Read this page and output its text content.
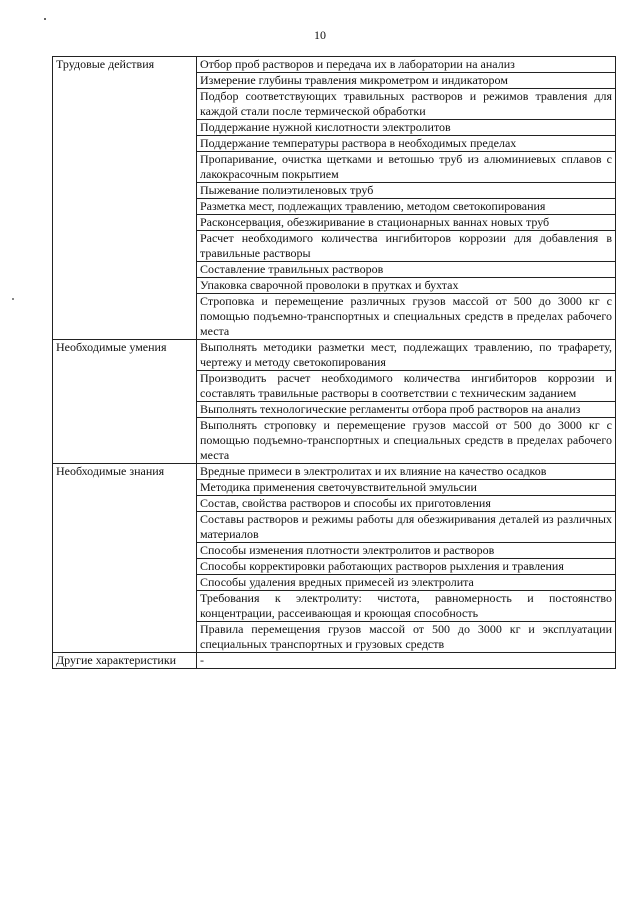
10
Трудовые действия	Отбор проб растворов и передача их в лаборатории на анализ
	Измерение глубины травления микрометром и индикатором
	Подбор соответствующих травильных растворов и режимов травления для каждой стали после термической обработки
	Поддержание нужной кислотности электролитов
	Поддержание температуры раствора в необходимых пределах
	Пропаривание, очистка щетками и ветошью труб из алюминиевых сплавов с лакокрасочным покрытием
	Пыжевание полиэтиленовых труб
	Разметка мест, подлежащих травлению, методом светокопирования
	Расконсервация, обезжиривание в стационарных ваннах новых труб
	Расчет необходимого количества ингибиторов коррозии для добавления в травильные растворы
	Составление травильных растворов
	Упаковка сварочной проволоки в прутках и бухтах
	Строповка и перемещение различных грузов массой от 500 до 3000 кг с помощью подъемно-транспортных и специальных средств в пределах рабочего места
Необходимые умения	Выполнять методики разметки мест, подлежащих травлению, по трафарету, чертежу и методу светокопирования
	Производить расчет необходимого количества ингибиторов коррозии и составлять травильные растворы в соответствии с техническим заданием
	Выполнять технологические регламенты отбора проб растворов на анализ
	Выполнять строповку и перемещение грузов массой от 500 до 3000 кг с помощью подъемно-транспортных и специальных средств в пределах рабочего места
Необходимые знания	Вредные примеси в электролитах и их влияние на качество осадков
	Методика применения светочувствительной эмульсии
	Состав, свойства растворов и способы их приготовления
	Составы растворов и режимы работы для обезжиривания деталей из различных материалов
	Способы изменения плотности электролитов и растворов
	Способы корректировки работающих растворов рыхления и травления
	Способы удаления вредных примесей из электролита
	Требования к электролиту: чистота, равномерность и постоянство концентрации, рассеивающая и кроющая способность
	Правила перемещения грузов массой от 500 до 3000 кг и эксплуатации специальных транспортных и грузовых средств
Другие характеристики	-
